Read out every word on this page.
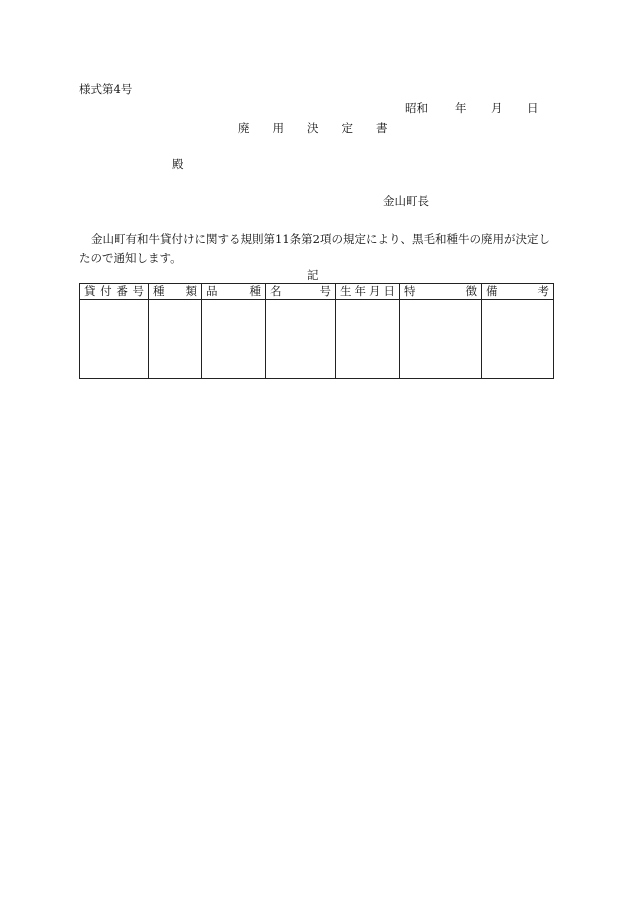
様式第4号
昭和 年 月 日
廃 用 決 定 書
殿
金山町長
金山町有和牛貸付けに関する規則第11条第2項の規定により、黒毛和種牛の廃用が決定したので通知します。
記
貸付番号	種類	品種	名号	生年月日	特徴	備考
